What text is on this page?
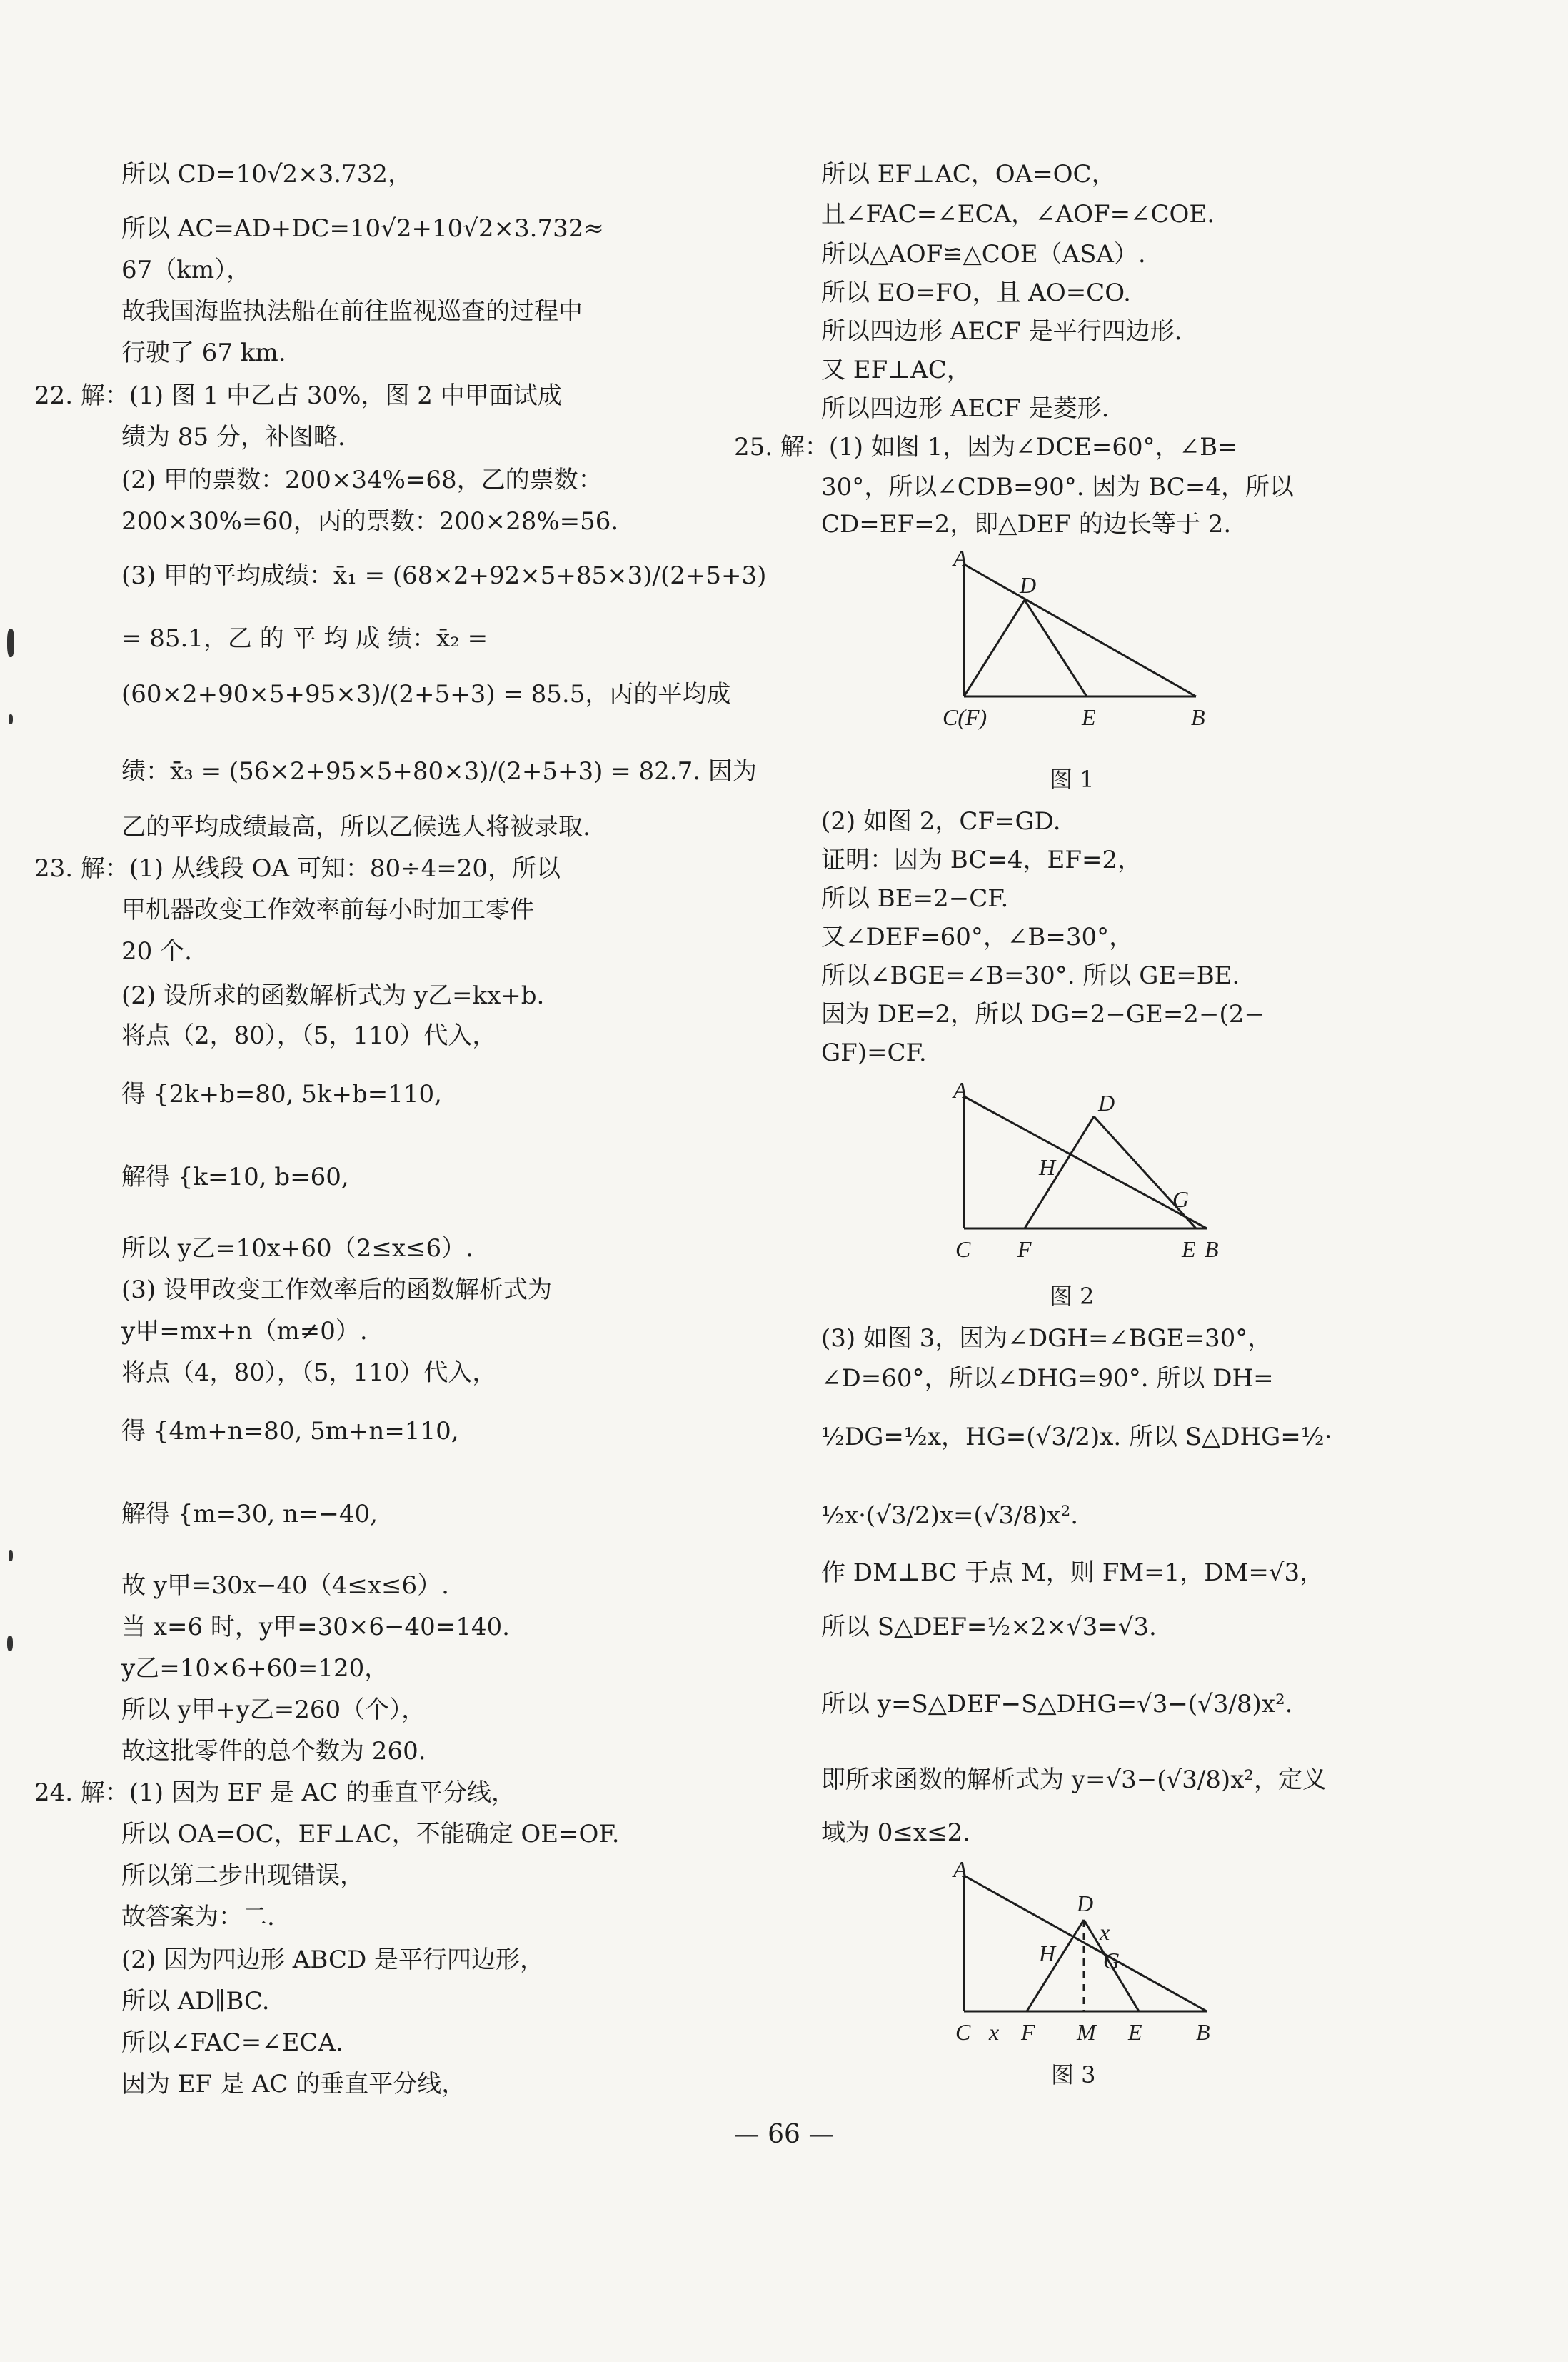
所以 CD=10√2×3.732，
所以 AC=AD+DC=10√2+10√2×3.732≈
67（km），
故我国海监执法船在前往监视巡查的过程中
行驶了 67 km.
22. 解：(1) 图 1 中乙占 30%，图 2 中甲面试成
绩为 85 分，补图略.
(2) 甲的票数：200×34%=68，乙的票数：
200×30%=60，丙的票数：200×28%=56.
(3) 甲的平均成绩：x̄₁ = (68×2+92×5+85×3)/(2+5+3)
= 85.1，乙 的 平 均 成 绩：x̄₂ =
(60×2+90×5+95×3)/(2+5+3) = 85.5，丙的平均成
绩：x̄₃ = (56×2+95×5+80×3)/(2+5+3) = 82.7. 因为
乙的平均成绩最高，所以乙候选人将被录取.
23. 解：(1) 从线段 OA 可知：80÷4=20，所以
甲机器改变工作效率前每小时加工零件
20 个.
(2) 设所求的函数解析式为 y乙=kx+b.
将点（2，80），（5，110）代入，
得 {2k+b=80, 5k+b=110,
解得 {k=10, b=60,
所以 y乙=10x+60（2≤x≤6）.
(3) 设甲改变工作效率后的函数解析式为
y甲=mx+n（m≠0）.
将点（4，80），（5，110）代入，
得 {4m+n=80, 5m+n=110,
解得 {m=30, n=−40,
故 y甲=30x−40（4≤x≤6）.
当 x=6 时，y甲=30×6−40=140.
y乙=10×6+60=120，
所以 y甲+y乙=260（个），
故这批零件的总个数为 260.
24. 解：(1) 因为 EF 是 AC 的垂直平分线，
所以 OA=OC，EF⊥AC，不能确定 OE=OF.
所以第二步出现错误，
故答案为：二.
(2) 因为四边形 ABCD 是平行四边形，
所以 AD∥BC.
所以∠FAC=∠ECA.
因为 EF 是 AC 的垂直平分线，
所以 EF⊥AC，OA=OC，
且∠FAC=∠ECA，∠AOF=∠COE.
所以△AOF≌△COE（ASA）.
所以 EO=FO，且 AO=CO.
所以四边形 AECF 是平行四边形.
又 EF⊥AC，
所以四边形 AECF 是菱形.
25. 解：(1) 如图 1，因为∠DCE=60°，∠B=
30°，所以∠CDB=90°. 因为 BC=4，所以
CD=EF=2，即△DEF 的边长等于 2.
A
D
C(F)	E	B
图 1
(2) 如图 2，CF=GD.
证明：因为 BC=4，EF=2，
所以 BE=2−CF.
又∠DEF=60°，∠B=30°，
所以∠BGE=∠B=30°. 所以 GE=BE.
因为 DE=2，所以 DG=2−GE=2−(2−
GF)=CF.
A	D
H
G
C F	E B
图 2
(3) 如图 3，因为∠DGH=∠BGE=30°，
∠D=60°，所以∠DHG=90°. 所以 DH=
½DG=½x，HG=(√3/2)x. 所以 S△DHG=½·
½x·(√3/2)x=(√3/8)x².
作 DM⊥BC 于点 M，则 FM=1，DM=√3，
所以 S△DEF=½×2×√3=√3.
所以 y=S△DEF−S△DHG=√3−(√3/8)x².
即所求函数的解析式为 y=√3−(√3/8)x²，定义
域为 0≤x≤2.
A
D
x
H G
C x F M E B
图 3
— 66 —
